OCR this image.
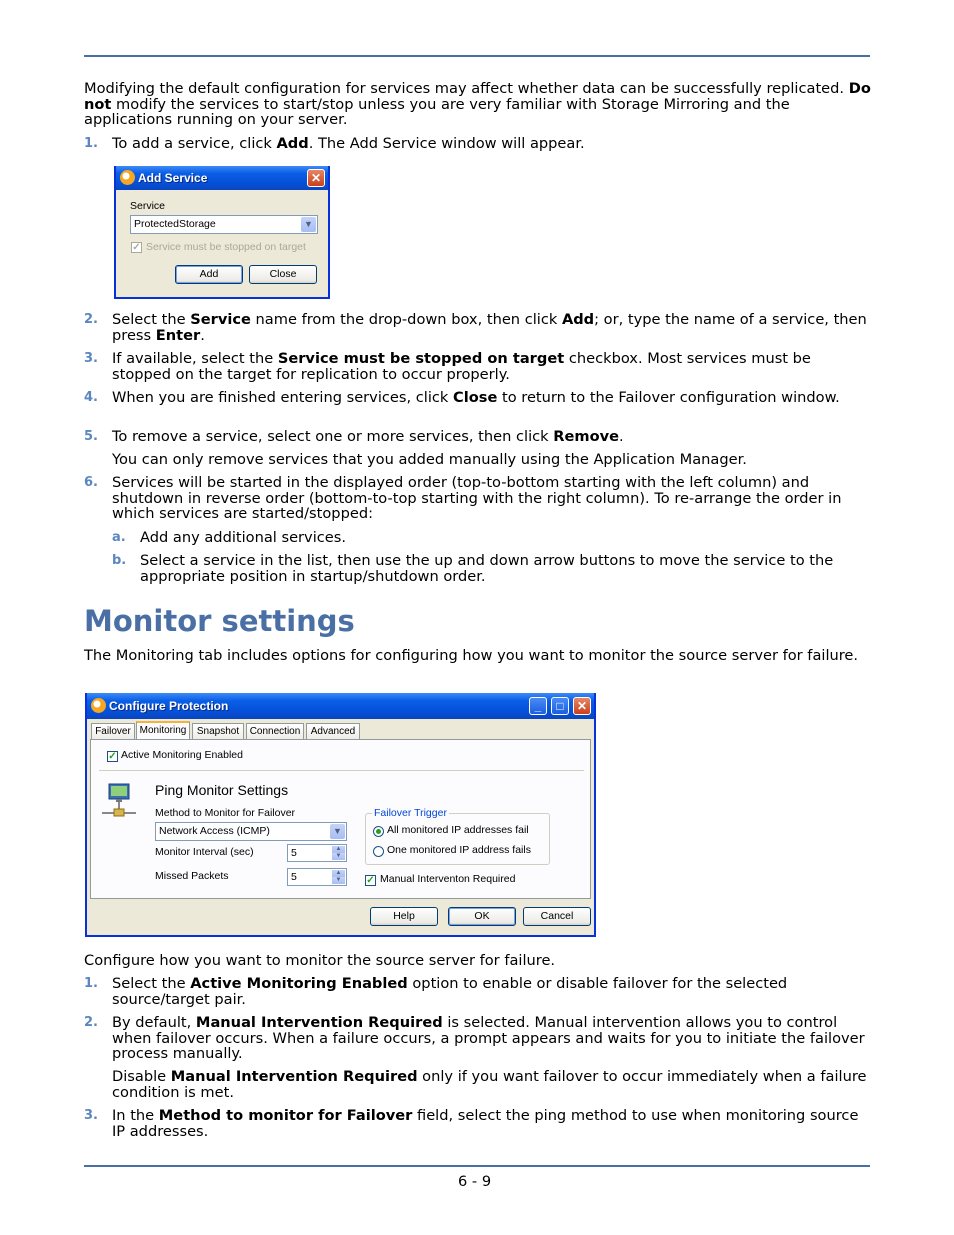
Modifying the default configuration for services may affect whether data can be successfully replicated. Do not modify the services to start/stop unless you are very familiar with Storage Mirroring and the applications running on your server.
1. To add a service, click Add. The Add Service window will appear.
Add Service	✕
Service
ProtectedStorage	▼
✓ Service must be stopped on target
Add	Close
2. Select the Service name from the drop-down box, then click Add; or, type the name of a service, then press Enter.
3. If available, select the Service must be stopped on target checkbox. Most services must be stopped on the target for replication to occur properly.
4. When you are finished entering services, click Close to return to the Failover configuration window.
5. To remove a service, select one or more services, then click Remove.
You can only remove services that you added manually using the Application Manager.
6. Services will be started in the displayed order (top-to-bottom starting with the left column) and shutdown in reverse order (bottom-to-top starting with the right column). To re-arrange the order in which services are started/stopped:
a. Add any additional services.
b. Select a service in the list, then use the up and down arrow buttons to move the service to the appropriate position in startup/shutdown order.
Monitor settings
The Monitoring tab includes options for configuring how you want to monitor the source server for failure.
Configure Protection	_	□	✕
Failover Monitoring	Snapshot	Connection	Advanced
✓ Active Monitoring Enabled
Ping Monitor Settings
Method to Monitor for Failover
Network Access (ICMP)	▼
Monitor Interval (sec)	5	▲
▼
Missed Packets	5	▲
▼
Failover Trigger
All monitored IP addresses fail
One monitored IP address fails
✓ Manual Interventon Required
Help	OK	Cancel
Configure how you want to monitor the source server for failure.
1. Select the Active Monitoring Enabled option to enable or disable failover for the selected source/target pair.
2. By default, Manual Intervention Required is selected. Manual intervention allows you to control when failover occurs. When a failure occurs, a prompt appears and waits for you to initiate the failover process manually.
Disable Manual Intervention Required only if you want failover to occur immediately when a failure condition is met.
3. In the Method to monitor for Failover field, select the ping method to use when monitoring source IP addresses.
6 - 9
